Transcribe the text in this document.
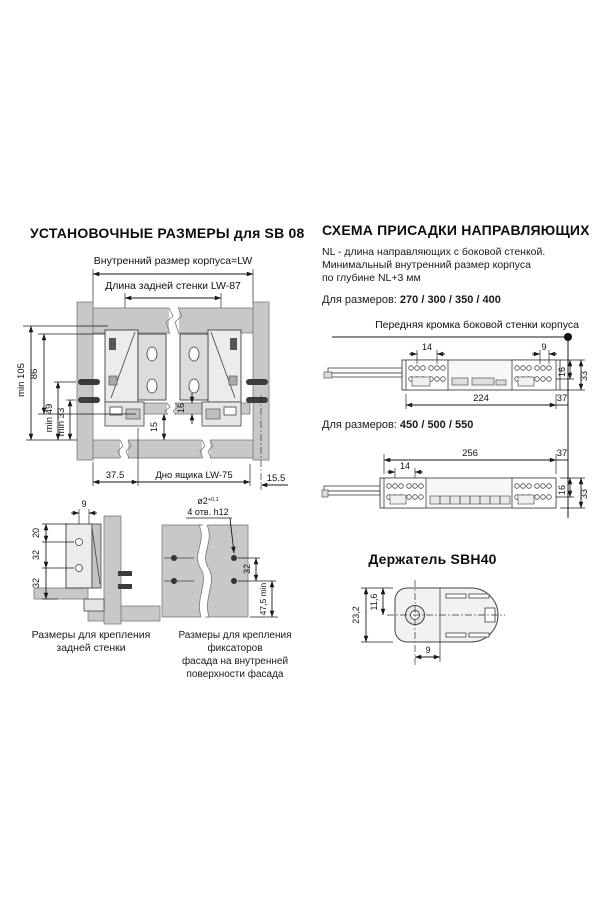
УСТАНОВОЧНЫЕ РАЗМЕРЫ для SB 08
Внутренний размер корпуса=LW
Длина задней стенки LW-87
min 105 86
min 49 min 33	16
15
37.5	Дно ящика LW-75	15.5
9
20
32
32
$ø2^{+0,1}$
4 отв. h12
32
47,5 min
Размеры для крепления
задней стенки
Размеры для крепления фиксаторов
фасада на внутренней
поверхности фасада
СХЕМА ПРИСАДКИ НАПРАВЛЯЮЩИХ
NL - длина направляющих с боковой стенкой.
Минимальный внутренний размер корпуса
по глубине NL+3 мм
Для размеров: 270 / 300 / 350 / 400
Передняя кромка боковой стенки корпуса
14	9
16 33
224	37
Для размеров: 450 / 500 / 550
256	37
14
16 33
Держатель SBH40
23,2
11,6
9
